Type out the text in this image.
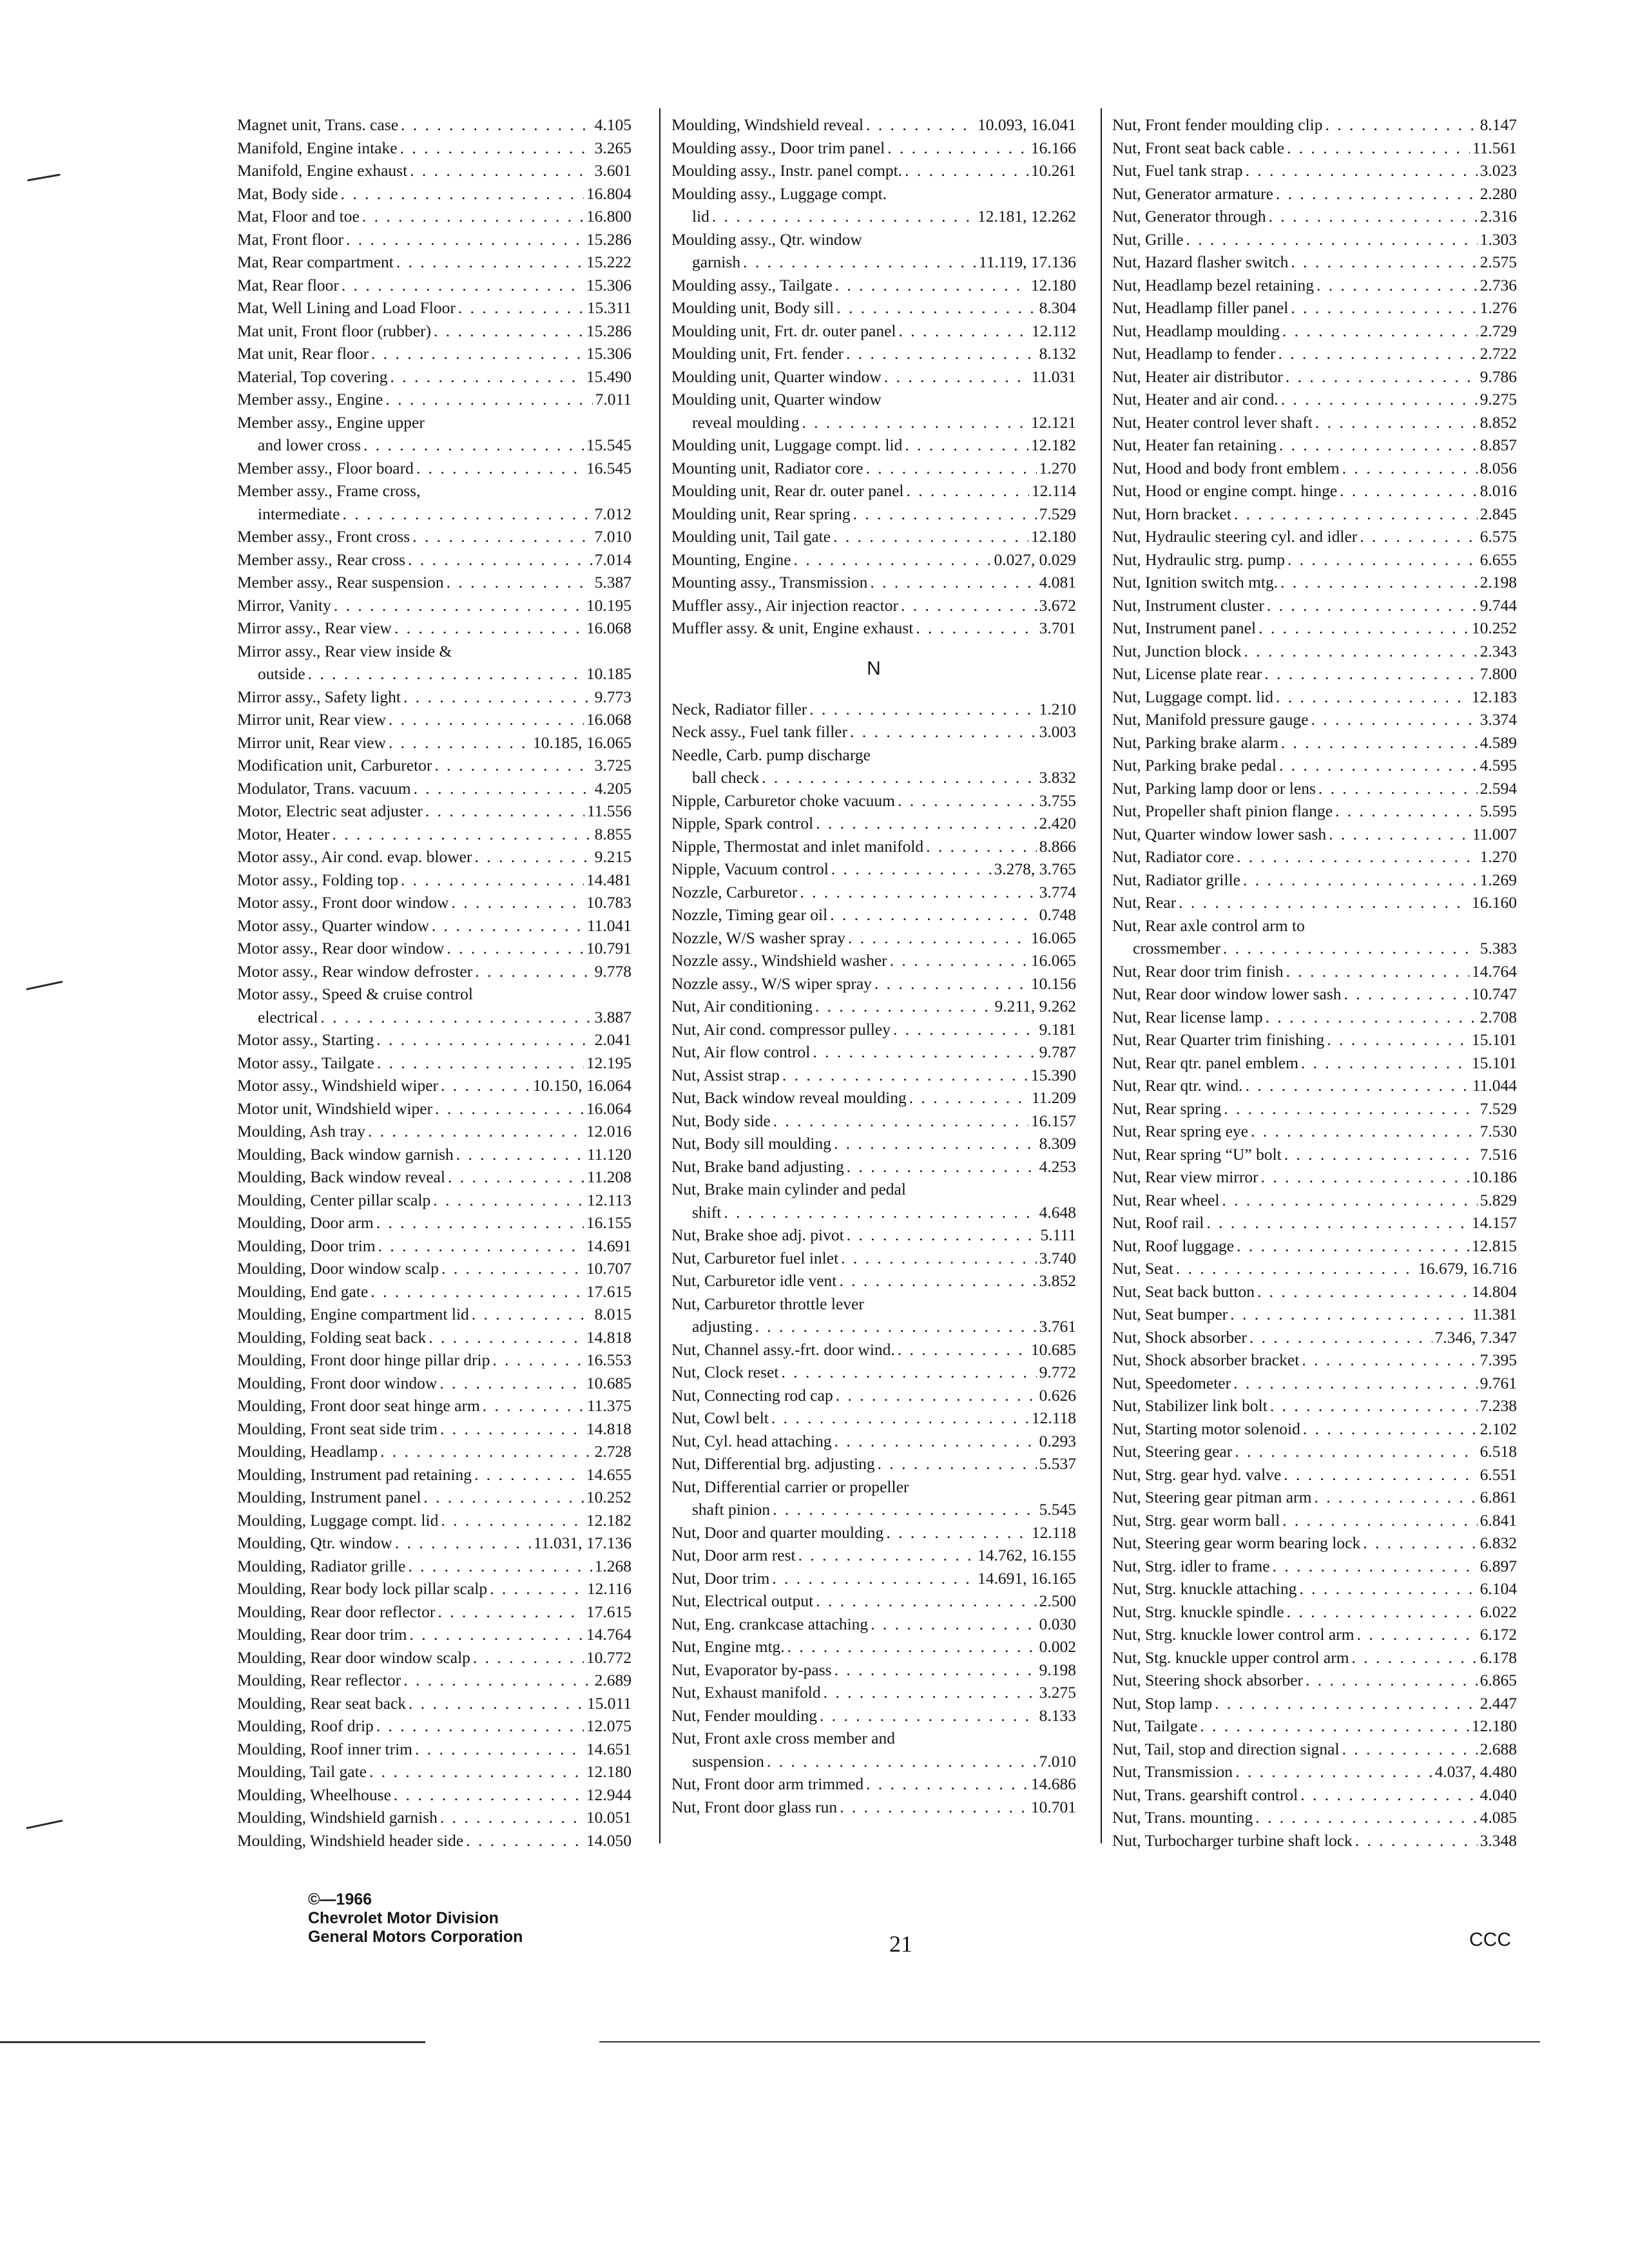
Magnet unit, Trans. case . . .	4.105
Manifold, Engine intake . . .	3.265
Manifold, Engine exhaust . . .	3.601
Mat, Body side . . .	16.804
Mat, Floor and toe . . .	16.800
Mat, Front floor . . .	15.286
Mat, Rear compartment . . .	15.222
Mat, Rear floor . . .	15.306
Mat, Well Lining and Load Floor . . .	15.311
Mat unit, Front floor (rubber) . . .	15.286
Mat unit, Rear floor . . .	15.306
Material, Top covering . . .	15.490
Member assy., Engine . . .	7.011
Member assy., Engine upper
and lower cross . . .	15.545
Member assy., Floor board . . .	16.545
Member assy., Frame cross,
intermediate . . .	7.012
Member assy., Front cross . . .	7.010
Member assy., Rear cross . . .	7.014
Member assy., Rear suspension . . .	5.387
Mirror, Vanity . . .	10.195
Mirror assy., Rear view . . .	16.068
Mirror assy., Rear view inside &
outside . . .	10.185
Mirror assy., Safety light . . .	9.773
Mirror unit, Rear view . . .	16.068
Mirror unit, Rear view . . .	10.185, 16.065
Modification unit, Carburetor . . .	3.725
Modulator, Trans. vacuum . . .	4.205
Motor, Electric seat adjuster . . .	11.556
Motor, Heater . . .	8.855
Motor assy., Air cond. evap. blower . . .	9.215
Motor assy., Folding top . . .	14.481
Motor assy., Front door window . . .	10.783
Motor assy., Quarter window . . .	11.041
Motor assy., Rear door window . . .	10.791
Motor assy., Rear window defroster . . .	9.778
Motor assy., Speed & cruise control
electrical . . .	3.887
Motor assy., Starting . . .	2.041
Motor assy., Tailgate . . .	12.195
Motor assy., Windshield wiper . . .	10.150, 16.064
Motor unit, Windshield wiper . . .	16.064
Moulding, Ash tray . . .	12.016
Moulding, Back window garnish . . .	11.120
Moulding, Back window reveal . . .	11.208
Moulding, Center pillar scalp . . .	12.113
Moulding, Door arm . . .	16.155
Moulding, Door trim . . .	14.691
Moulding, Door window scalp . . .	10.707
Moulding, End gate . . .	17.615
Moulding, Engine compartment lid . . .	8.015
Moulding, Folding seat back . . .	14.818
Moulding, Front door hinge pillar drip . . .	16.553
Moulding, Front door window . . .	10.685
Moulding, Front door seat hinge arm . . .	11.375
Moulding, Front seat side trim . . .	14.818
Moulding, Headlamp . . .	2.728
Moulding, Instrument pad retaining . . .	14.655
Moulding, Instrument panel . . .	10.252
Moulding, Luggage compt. lid . . .	12.182
Moulding, Qtr. window . . .	11.031, 17.136
Moulding, Radiator grille . . .	1.268
Moulding, Rear body lock pillar scalp . . .	12.116
Moulding, Rear door reflector . . .	17.615
Moulding, Rear door trim . . .	14.764
Moulding, Rear door window scalp . . .	10.772
Moulding, Rear reflector . . .	2.689
Moulding, Rear seat back . . .	15.011
Moulding, Roof drip . . .	12.075
Moulding, Roof inner trim . . .	14.651
Moulding, Tail gate . . .	12.180
Moulding, Wheelhouse . . .	12.944
Moulding, Windshield garnish . . .	10.051
Moulding, Windshield header side . . .	14.050
Moulding, Windshield reveal . . .	10.093, 16.041
Moulding assy., Door trim panel . . .	16.166
Moulding assy., Instr. panel compt. . . .	10.261
Moulding assy., Luggage compt.
lid . . .	12.181, 12.262
Moulding assy., Qtr. window
garnish . . .	11.119, 17.136
Moulding assy., Tailgate . . .	12.180
Moulding unit, Body sill . . .	8.304
Moulding unit, Frt. dr. outer panel . . .	12.112
Moulding unit, Frt. fender . . .	8.132
Moulding unit, Quarter window . . .	11.031
Moulding unit, Quarter window
reveal moulding . . .	12.121
Moulding unit, Luggage compt. lid . . .	12.182
Mounting unit, Radiator core . . .	1.270
Moulding unit, Rear dr. outer panel . . .	12.114
Moulding unit, Rear spring . . .	7.529
Moulding unit, Tail gate . . .	12.180
Mounting, Engine . . .	0.027, 0.029
Mounting assy., Transmission . . .	4.081
Muffler assy., Air injection reactor . . .	3.672
Muffler assy. & unit, Engine exhaust . . .	3.701
N
Neck, Radiator filler . . .	1.210
Neck assy., Fuel tank filler . . .	3.003
Needle, Carb. pump discharge
ball check . . .	3.832
Nipple, Carburetor choke vacuum . . .	3.755
Nipple, Spark control . . .	2.420
Nipple, Thermostat and inlet manifold . . .	8.866
Nipple, Vacuum control . . .	3.278, 3.765
Nozzle, Carburetor . . .	3.774
Nozzle, Timing gear oil . . .	0.748
Nozzle, W/S washer spray . . .	16.065
Nozzle assy., Windshield washer . . .	16.065
Nozzle assy., W/S wiper spray . . .	10.156
Nut, Air conditioning . . .	9.211, 9.262
Nut, Air cond. compressor pulley . . .	9.181
Nut, Air flow control . . .	9.787
Nut, Assist strap . . .	15.390
Nut, Back window reveal moulding . . .	11.209
Nut, Body side . . .	16.157
Nut, Body sill moulding . . .	8.309
Nut, Brake band adjusting . . .	4.253
Nut, Brake main cylinder and pedal
shift . . .	4.648
Nut, Brake shoe adj. pivot . . .	5.111
Nut, Carburetor fuel inlet . . .	3.740
Nut, Carburetor idle vent . . .	3.852
Nut, Carburetor throttle lever
adjusting . . .	3.761
Nut, Channel assy.-frt. door wind. . . .	10.685
Nut, Clock reset . . .	9.772
Nut, Connecting rod cap . . .	0.626
Nut, Cowl belt . . .	12.118
Nut, Cyl. head attaching . . .	0.293
Nut, Differential brg. adjusting . . .	5.537
Nut, Differential carrier or propeller
shaft pinion . . .	5.545
Nut, Door and quarter moulding . . .	12.118
Nut, Door arm rest . . .	14.762, 16.155
Nut, Door trim . . .	14.691, 16.165
Nut, Electrical output . . .	2.500
Nut, Eng. crankcase attaching . . .	0.030
Nut, Engine mtg. . . .	0.002
Nut, Evaporator by-pass . . .	9.198
Nut, Exhaust manifold . . .	3.275
Nut, Fender moulding . . .	8.133
Nut, Front axle cross member and
suspension . . .	7.010
Nut, Front door arm trimmed . . .	14.686
Nut, Front door glass run . . .	10.701
Nut, Front fender moulding clip . . .	8.147
Nut, Front seat back cable . . .	11.561
Nut, Fuel tank strap . . .	3.023
Nut, Generator armature . . .	2.280
Nut, Generator through . . .	2.316
Nut, Grille . . .	1.303
Nut, Hazard flasher switch . . .	2.575
Nut, Headlamp bezel retaining . . .	2.736
Nut, Headlamp filler panel . . .	1.276
Nut, Headlamp moulding . . .	2.729
Nut, Headlamp to fender . . .	2.722
Nut, Heater air distributor . . .	9.786
Nut, Heater and air cond. . . .	9.275
Nut, Heater control lever shaft . . .	8.852
Nut, Heater fan retaining . . .	8.857
Nut, Hood and body front emblem . . .	8.056
Nut, Hood or engine compt. hinge . . .	8.016
Nut, Horn bracket . . .	2.845
Nut, Hydraulic steering cyl. and idler . . .	6.575
Nut, Hydraulic strg. pump . . .	6.655
Nut, Ignition switch mtg. . . .	2.198
Nut, Instrument cluster . . .	9.744
Nut, Instrument panel . . .	10.252
Nut, Junction block . . .	2.343
Nut, License plate rear . . .	7.800
Nut, Luggage compt. lid . . .	12.183
Nut, Manifold pressure gauge . . .	3.374
Nut, Parking brake alarm . . .	4.589
Nut, Parking brake pedal . . .	4.595
Nut, Parking lamp door or lens . . .	2.594
Nut, Propeller shaft pinion flange . . .	5.595
Nut, Quarter window lower sash . . .	11.007
Nut, Radiator core . . .	1.270
Nut, Radiator grille . . .	1.269
Nut, Rear . . .	16.160
Nut, Rear axle control arm to
crossmember . . .	5.383
Nut, Rear door trim finish . . .	14.764
Nut, Rear door window lower sash . . .	10.747
Nut, Rear license lamp . . .	2.708
Nut, Rear Quarter trim finishing . . .	15.101
Nut, Rear qtr. panel emblem . . .	15.101
Nut, Rear qtr. wind. . . .	11.044
Nut, Rear spring . . .	7.529
Nut, Rear spring eye . . .	7.530
Nut, Rear spring “U” bolt . . .	7.516
Nut, Rear view mirror . . .	10.186
Nut, Rear wheel . . .	5.829
Nut, Roof rail . . .	14.157
Nut, Roof luggage . . .	12.815
Nut, Seat . . .	16.679, 16.716
Nut, Seat back button . . .	14.804
Nut, Seat bumper . . .	11.381
Nut, Shock absorber . . .	7.346, 7.347
Nut, Shock absorber bracket . . .	7.395
Nut, Speedometer . . .	9.761
Nut, Stabilizer link bolt . . .	7.238
Nut, Starting motor solenoid . . .	2.102
Nut, Steering gear . . .	6.518
Nut, Strg. gear hyd. valve . . .	6.551
Nut, Steering gear pitman arm . . .	6.861
Nut, Strg. gear worm ball . . .	6.841
Nut, Steering gear worm bearing lock . . .	6.832
Nut, Strg. idler to frame . . .	6.897
Nut, Strg. knuckle attaching . . .	6.104
Nut, Strg. knuckle spindle . . .	6.022
Nut, Strg. knuckle lower control arm . . .	6.172
Nut, Stg. knuckle upper control arm . . .	6.178
Nut, Steering shock absorber . . .	6.865
Nut, Stop lamp . . .	2.447
Nut, Tailgate . . .	12.180
Nut, Tail, stop and direction signal . . .	2.688
Nut, Transmission . . .	4.037, 4.480
Nut, Trans. gearshift control . . .	4.040
Nut, Trans. mounting . . .	4.085
Nut, Turbocharger turbine shaft lock . . .	3.348
©—1966
Chevrolet Motor Division
General Motors Corporation	21	CCC
